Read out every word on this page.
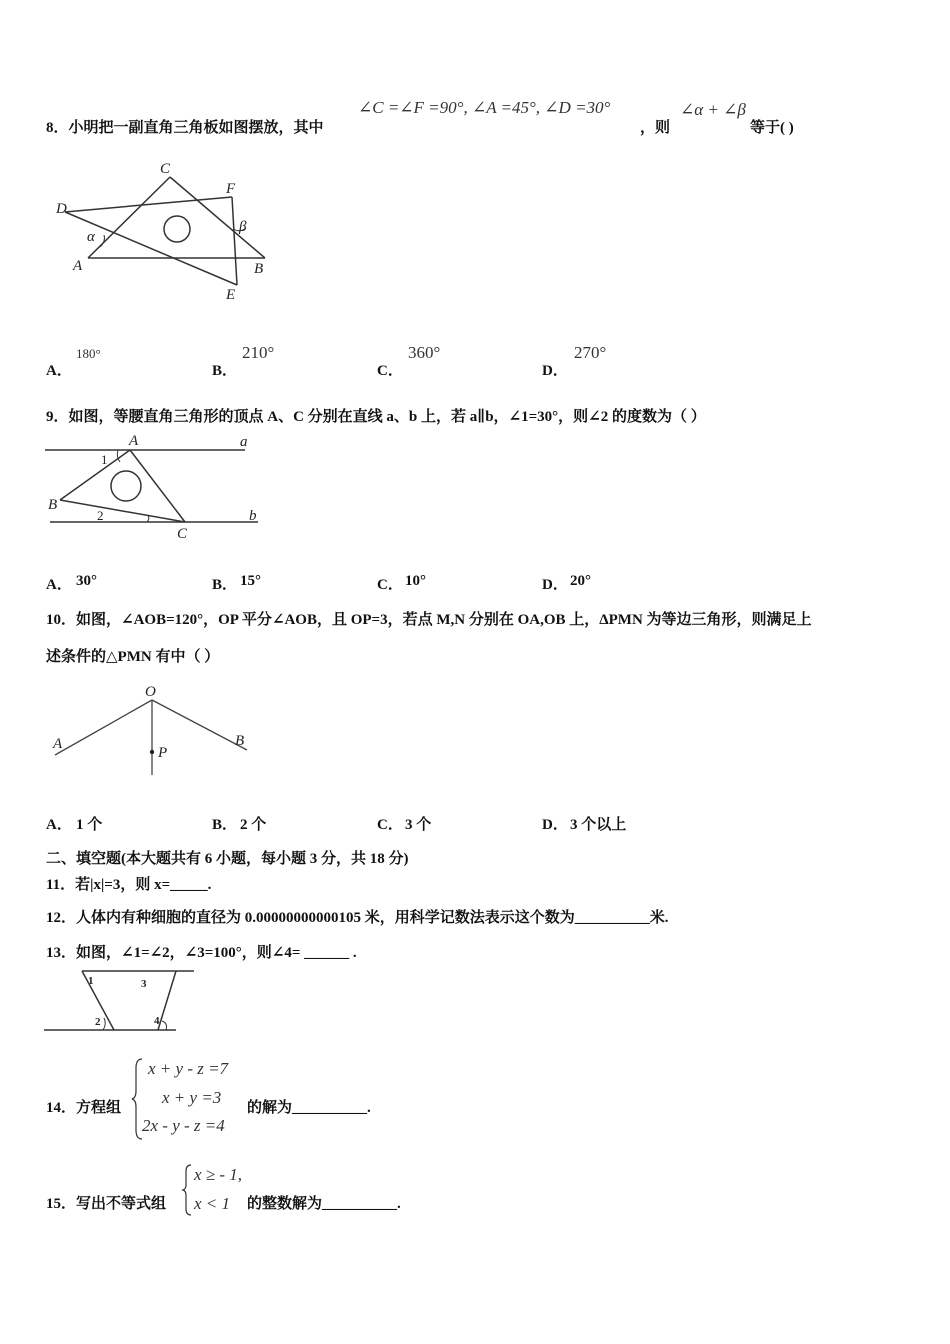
8．小明把一副直角三角板如图摆放，其中
∠C =∠F =90°, ∠A =45°, ∠D =30°
，则
∠α + ∠β
等于( )
C
F
D
α
β
A	B
E
A．
180°
B．
210°
C．
360°
D．
270°
9．如图，等腰直角三角形的顶点 A、C 分别在直线 a、b 上，若 a∥b，∠1=30°，则∠2 的度数为（ ）
A	a
1
B
2
C
b
A． 30°	B． 15°	C． 10°	D． 20°
10．如图，∠AOB=120°，OP 平分∠AOB，且 OP=3，若点 M,N 分别在 OA,OB 上，ΔPMN 为等边三角形，则满足上
述条件的△PMN 有中（ ）
O
A	B
P
A． 1 个	B． 2 个	C． 3 个	D． 3 个以上
二、填空题(本大题共有 6 小题，每小题 3 分，共 18 分)
11．若|x|=3，则 x=_____.
12．人体内有种细胞的直径为 0.00000000000105 米，用科学记数法表示这个数为__________米.
13．如图，∠1=∠2，∠3=100°，则∠4= ______ .
1	3
2	4
14．方程组
x + y - z =7
x + y =3
2x - y - z =4
的解为__________.
15．写出不等式组
x ≥ - 1,
x < 1 的整数解为__________.
